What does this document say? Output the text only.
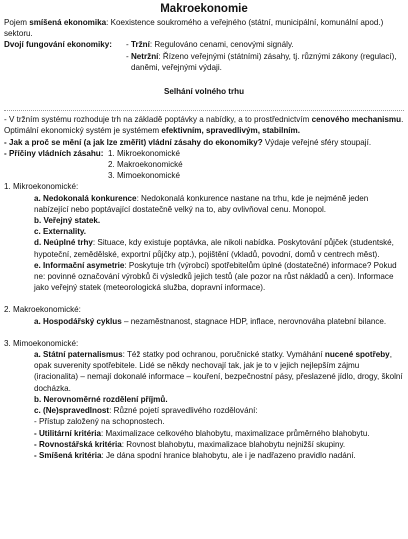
Makroekonomie

Pojem smíšená ekonomika: Koexistence soukromého a veřejného (státní, municipální, komunální apod.) sektoru.

Dvojí fungování ekonomiky:	- Tržní: Regulováno cenami, cenovými signály.
- Netržní: Řízeno veřejnými (státními) zásahy, tj. různými zákony (regulací), daněmi, veřejnými výdaji.
Selhání volného trhu

- V tržním systému rozhoduje trh na základě poptávky a nabídky, a to prostřednictvím cenového mechanismu. Optimální ekonomický systém je systémem efektivním, spravedlivým, stabilním.

- Jak a proč se mění (a jak lze změřit) vládní zásahy do ekonomiky? Výdaje veřejné sféry stoupají.

- Příčiny vládních zásahu: 1. Mikroekonomické
2. Makroekonomické
3. Mimoekonomické
1. Mikroekonomické:

a. Nedokonalá konkurence: Nedokonalá konkurence nastane na trhu, kde je nejméně jeden nabízející nebo poptávající dostatečně velký na to, aby ovlivňoval cenu. Monopol.

b. Veřejný statek.

c. Externality.

d. Neúplné trhy: Situace, kdy existuje poptávka, ale nikoli nabídka. Poskytování půjček (studentské, hypoteční, zemědělské, exportní půjčky atp.), pojištění (vkladů, povodní, domů v centrech měst).

e. Informační asymetrie: Poskytuje trh (výrobci) spotřebitelům úplné (dostatečné) informace? Pokud ne: povinné označování výrobků či výsledků jejich testů (ale pozor na růst nákladů a cen). Informace jako veřejný statek (meteorologická služba, dopravní informace).

2. Makroekonomické:

a. Hospodářský cyklus – nezaměstnanost, stagnace HDP, inflace, nerovnováha platební bilance.

3. Mimoekonomické:

a. Státní paternalismus: Též statky pod ochranou, poručnické statky. Vymáhání nucené spotřeby, opak suverenity spotřebitele. Lidé se někdy nechovají tak, jak je to v jejich nejlepším zájmu (iracionalita) – nemají dokonalé informace – kouření, bezpečnostní pásy, přeslazené jídlo, drogy, školní docházka.

b. Nerovnoměrné rozdělení příjmů.

c. (Ne)spravedlnost: Různé pojetí spravedlivého rozdělování:

- Přístup založený na schopnostech.

- Utilitární kritéria: Maximalizace celkového blahobytu, maximalizace průměrného blahobytu.

- Rovnostářská kritéria: Rovnost blahobytu, maximalizace blahobytu nejnižší skupiny.

- Smíšená kritéria: Je dána spodní hranice blahobytu, ale i je nadřazeno pravidlo nadání.
